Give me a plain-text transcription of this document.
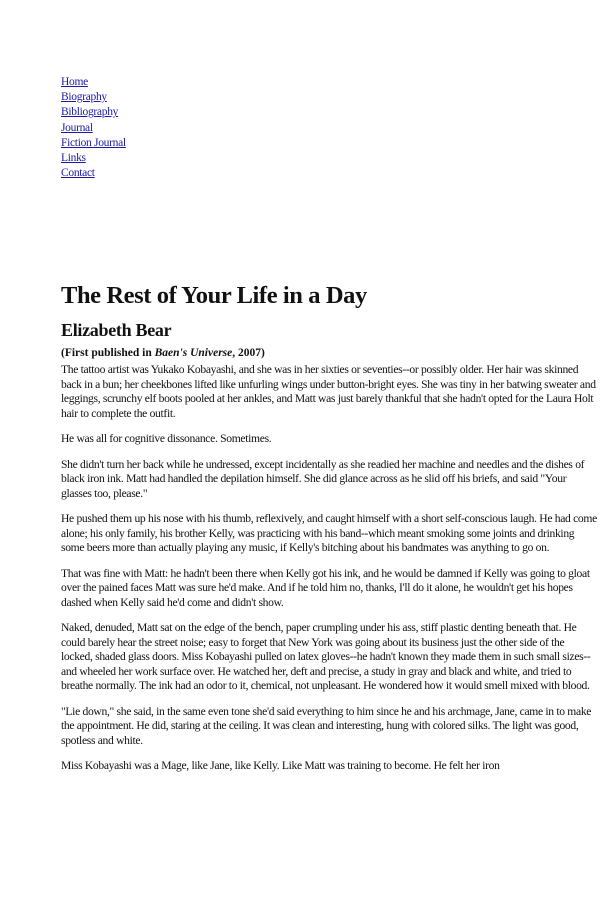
Home
Biography
Bibliography
Journal
Fiction Journal
Links
Contact
The Rest of Your Life in a Day
Elizabeth Bear
(First published in Baen's Universe, 2007)

The tattoo artist was Yukako Kobayashi, and she was in her sixties or seventies--or possibly older. Her hair was skinned back in a bun; her cheekbones lifted like unfurling wings under button-bright eyes. She was tiny in her batwing sweater and leggings, scrunchy elf boots pooled at her ankles, and Matt was just barely thankful that she hadn't opted for the Laura Holt hair to complete the outfit.

He was all for cognitive dissonance. Sometimes.

She didn't turn her back while he undressed, except incidentally as she readied her machine and needles and the dishes of black iron ink. Matt had handled the depilation himself. She did glance across as he slid off his briefs, and said "Your glasses too, please."

He pushed them up his nose with his thumb, reflexively, and caught himself with a short self-conscious laugh. He had come alone; his only family, his brother Kelly, was practicing with his band--which meant smoking some joints and drinking some beers more than actually playing any music, if Kelly's bitching about his bandmates was anything to go on.

That was fine with Matt: he hadn't been there when Kelly got his ink, and he would be damned if Kelly was going to gloat over the pained faces Matt was sure he'd make. And if he told him no, thanks, I'll do it alone, he wouldn't get his hopes dashed when Kelly said he'd come and didn't show.

Naked, denuded, Matt sat on the edge of the bench, paper crumpling under his ass, stiff plastic denting beneath that. He could barely hear the street noise; easy to forget that New York was going about its business just the other side of the locked, shaded glass doors. Miss Kobayashi pulled on latex gloves--he hadn't known they made them in such small sizes--and wheeled her work surface over. He watched her, deft and precise, a study in gray and black and white, and tried to breathe normally. The ink had an odor to it, chemical, not unpleasant. He wondered how it would smell mixed with blood.

"Lie down," she said, in the same even tone she'd said everything to him since he and his archmage, Jane, came in to make the appointment. He did, staring at the ceiling. It was clean and interesting, hung with colored silks. The light was good, spotless and white.

Miss Kobayashi was a Mage, like Jane, like Kelly. Like Matt was training to become. He felt her iron
